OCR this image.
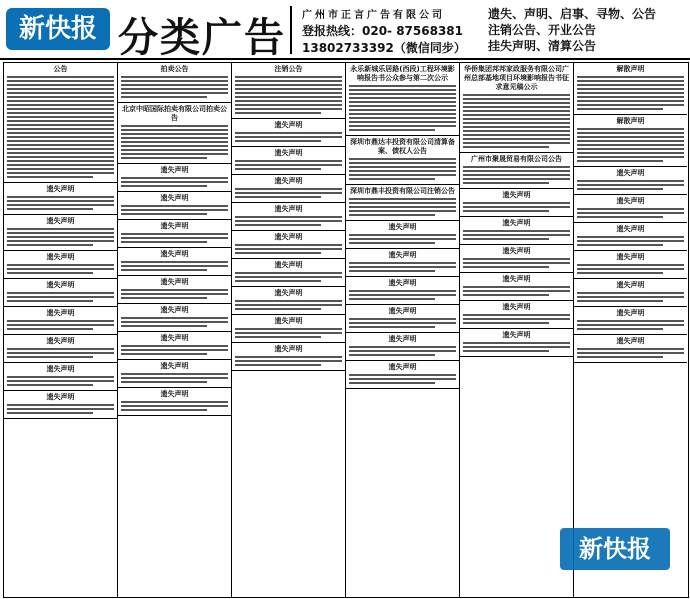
新快报 分类广告 广州市正言广告有限公司
登报热线：020- 87568381
13802733392（微信同步）
遗失、声明、启事、寻物、公告
注销公告、开业公告
挂失声明、清算公告
公告
遗失声明
遗失声明
遗失声明
遗失声明
遗失声明
遗失声明
遗失声明
遗失声明
拍卖公告
北京中昭国际拍卖有限公司拍卖公告
遗失声明
遗失声明
遗失声明
遗失声明
遗失声明
遗失声明
遗失声明
遗失声明
遗失声明
注销公告
遗失声明
遗失声明
遗失声明
遗失声明
遗失声明
遗失声明
遗失声明
遗失声明
遗失声明
永乐新城乐居路(西段)工程环境影响报告书公众参与第二次公示
深圳市鼎达丰投资有限公司清算备案、债权人公告
深圳市鼎丰投资有限公司注销公告
遗失声明
遗失声明
遗失声明
遗失声明
遗失声明
遗失声明
华侨集团邦邦家政服务有限公司广州总部基地项目环境影响报告书征求意见稿公示
广州市聚晟贸易有限公司公告
遗失声明
遗失声明
遗失声明
遗失声明
遗失声明
遗失声明
解散声明
解散声明
遗失声明
遗失声明
遗失声明
遗失声明
遗失声明
遗失声明
遗失声明
新快报
